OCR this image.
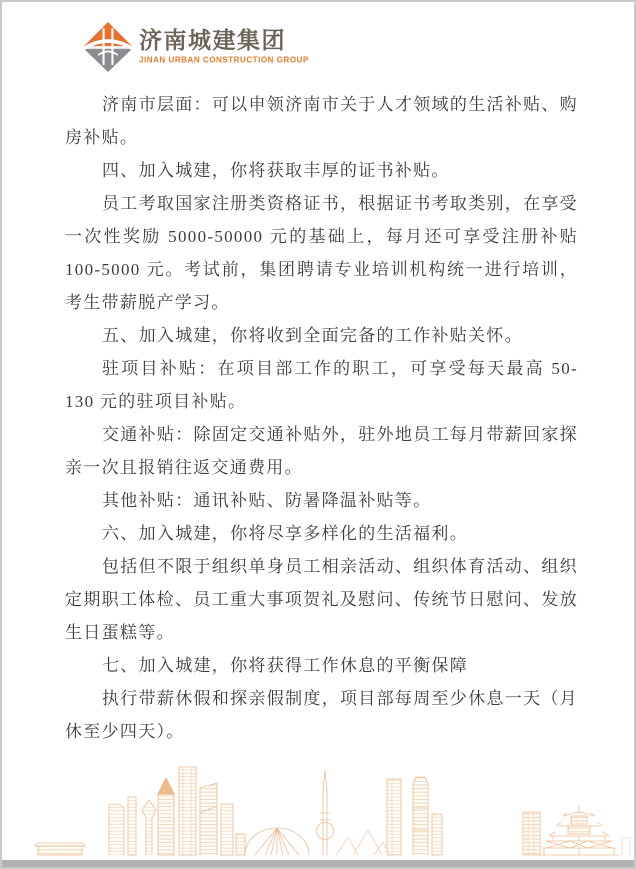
济南城建集团
JINAN URBAN CONSTRUCTION GROUP

济南市层面：可以申领济南市关于人才领域的生活补贴、购房补贴。

四、加入城建，你将获取丰厚的证书补贴。

员工考取国家注册类资格证书，根据证书考取类别，在享受一次性奖励 5000-50000 元的基础上，每月还可享受注册补贴 100-5000 元。考试前，集团聘请专业培训机构统一进行培训，考生带薪脱产学习。

五、加入城建，你将收到全面完备的工作补贴关怀。

驻项目补贴：在项目部工作的职工，可享受每天最高 50-130 元的驻项目补贴。

交通补贴：除固定交通补贴外，驻外地员工每月带薪回家探亲一次且报销往返交通费用。

其他补贴：通讯补贴、防暑降温补贴等。

六、加入城建，你将尽享多样化的生活福利。

包括但不限于组织单身员工相亲活动、组织体育活动、组织定期职工体检、员工重大事项贺礼及慰问、传统节日慰问、发放生日蛋糕等。

七、加入城建，你将获得工作休息的平衡保障

执行带薪休假和探亲假制度，项目部每周至少休息一天（月休至少四天）。
